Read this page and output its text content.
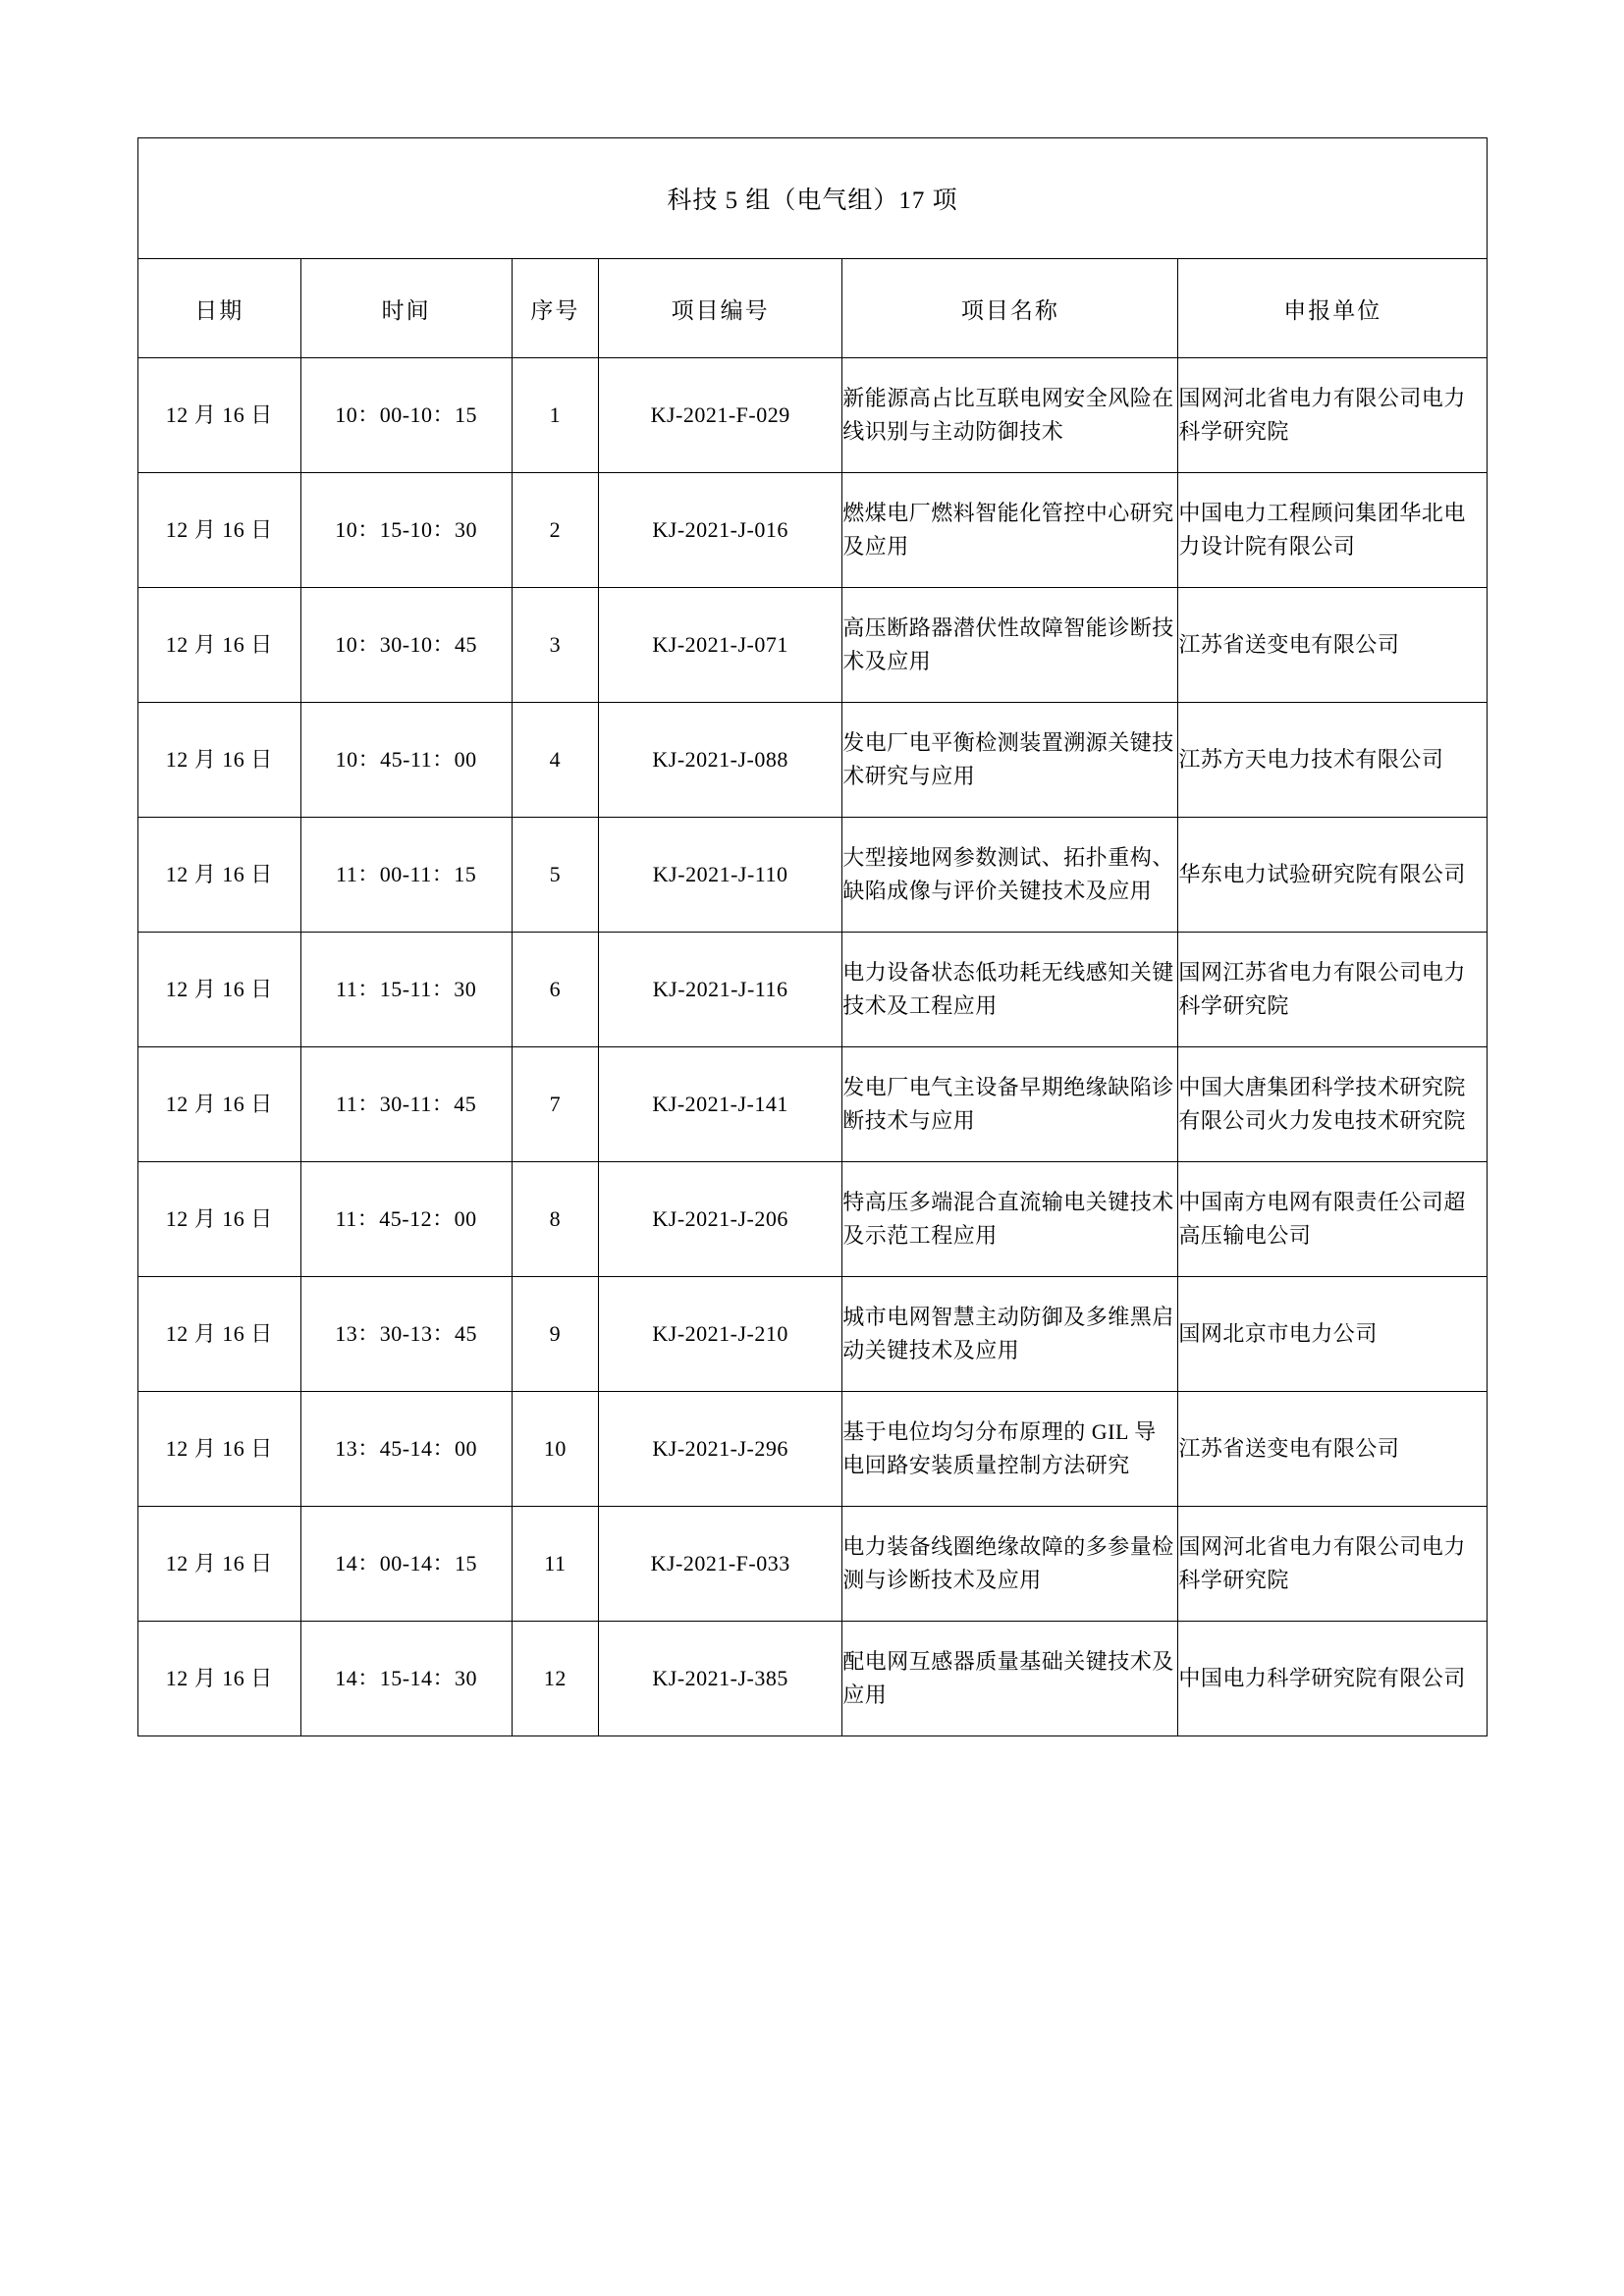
科技 5 组（电气组）17 项					
日期	时间	序号	项目编号	项目名称	申报单位
12 月 16 日	10：00-10：15	1	KJ-2021-F-029	新能源高占比互联电网安全风险在线识别与主动防御技术	国网河北省电力有限公司电力科学研究院
12 月 16 日	10：15-10：30	2	KJ-2021-J-016	燃煤电厂燃料智能化管控中心研究及应用	中国电力工程顾问集团华北电力设计院有限公司
12 月 16 日	10：30-10：45	3	KJ-2021-J-071	高压断路器潜伏性故障智能诊断技术及应用	江苏省送变电有限公司
12 月 16 日	10：45-11：00	4	KJ-2021-J-088	发电厂电平衡检测装置溯源关键技术研究与应用	江苏方天电力技术有限公司
12 月 16 日	11：00-11：15	5	KJ-2021-J-110	大型接地网参数测试、拓扑重构、缺陷成像与评价关键技术及应用	华东电力试验研究院有限公司
12 月 16 日	11：15-11：30	6	KJ-2021-J-116	电力设备状态低功耗无线感知关键技术及工程应用	国网江苏省电力有限公司电力科学研究院
12 月 16 日	11：30-11：45	7	KJ-2021-J-141	发电厂电气主设备早期绝缘缺陷诊断技术与应用	中国大唐集团科学技术研究院有限公司火力发电技术研究院
12 月 16 日	11：45-12：00	8	KJ-2021-J-206	特高压多端混合直流输电关键技术及示范工程应用	中国南方电网有限责任公司超高压输电公司
12 月 16 日	13：30-13：45	9	KJ-2021-J-210	城市电网智慧主动防御及多维黑启动关键技术及应用	国网北京市电力公司
12 月 16 日	13：45-14：00	10	KJ-2021-J-296	基于电位均匀分布原理的 GIL 导电回路安装质量控制方法研究	江苏省送变电有限公司
12 月 16 日	14：00-14：15	11	KJ-2021-F-033	电力装备线圈绝缘故障的多参量检测与诊断技术及应用	国网河北省电力有限公司电力科学研究院
12 月 16 日	14：15-14：30	12	KJ-2021-J-385	配电网互感器质量基础关键技术及应用	中国电力科学研究院有限公司
